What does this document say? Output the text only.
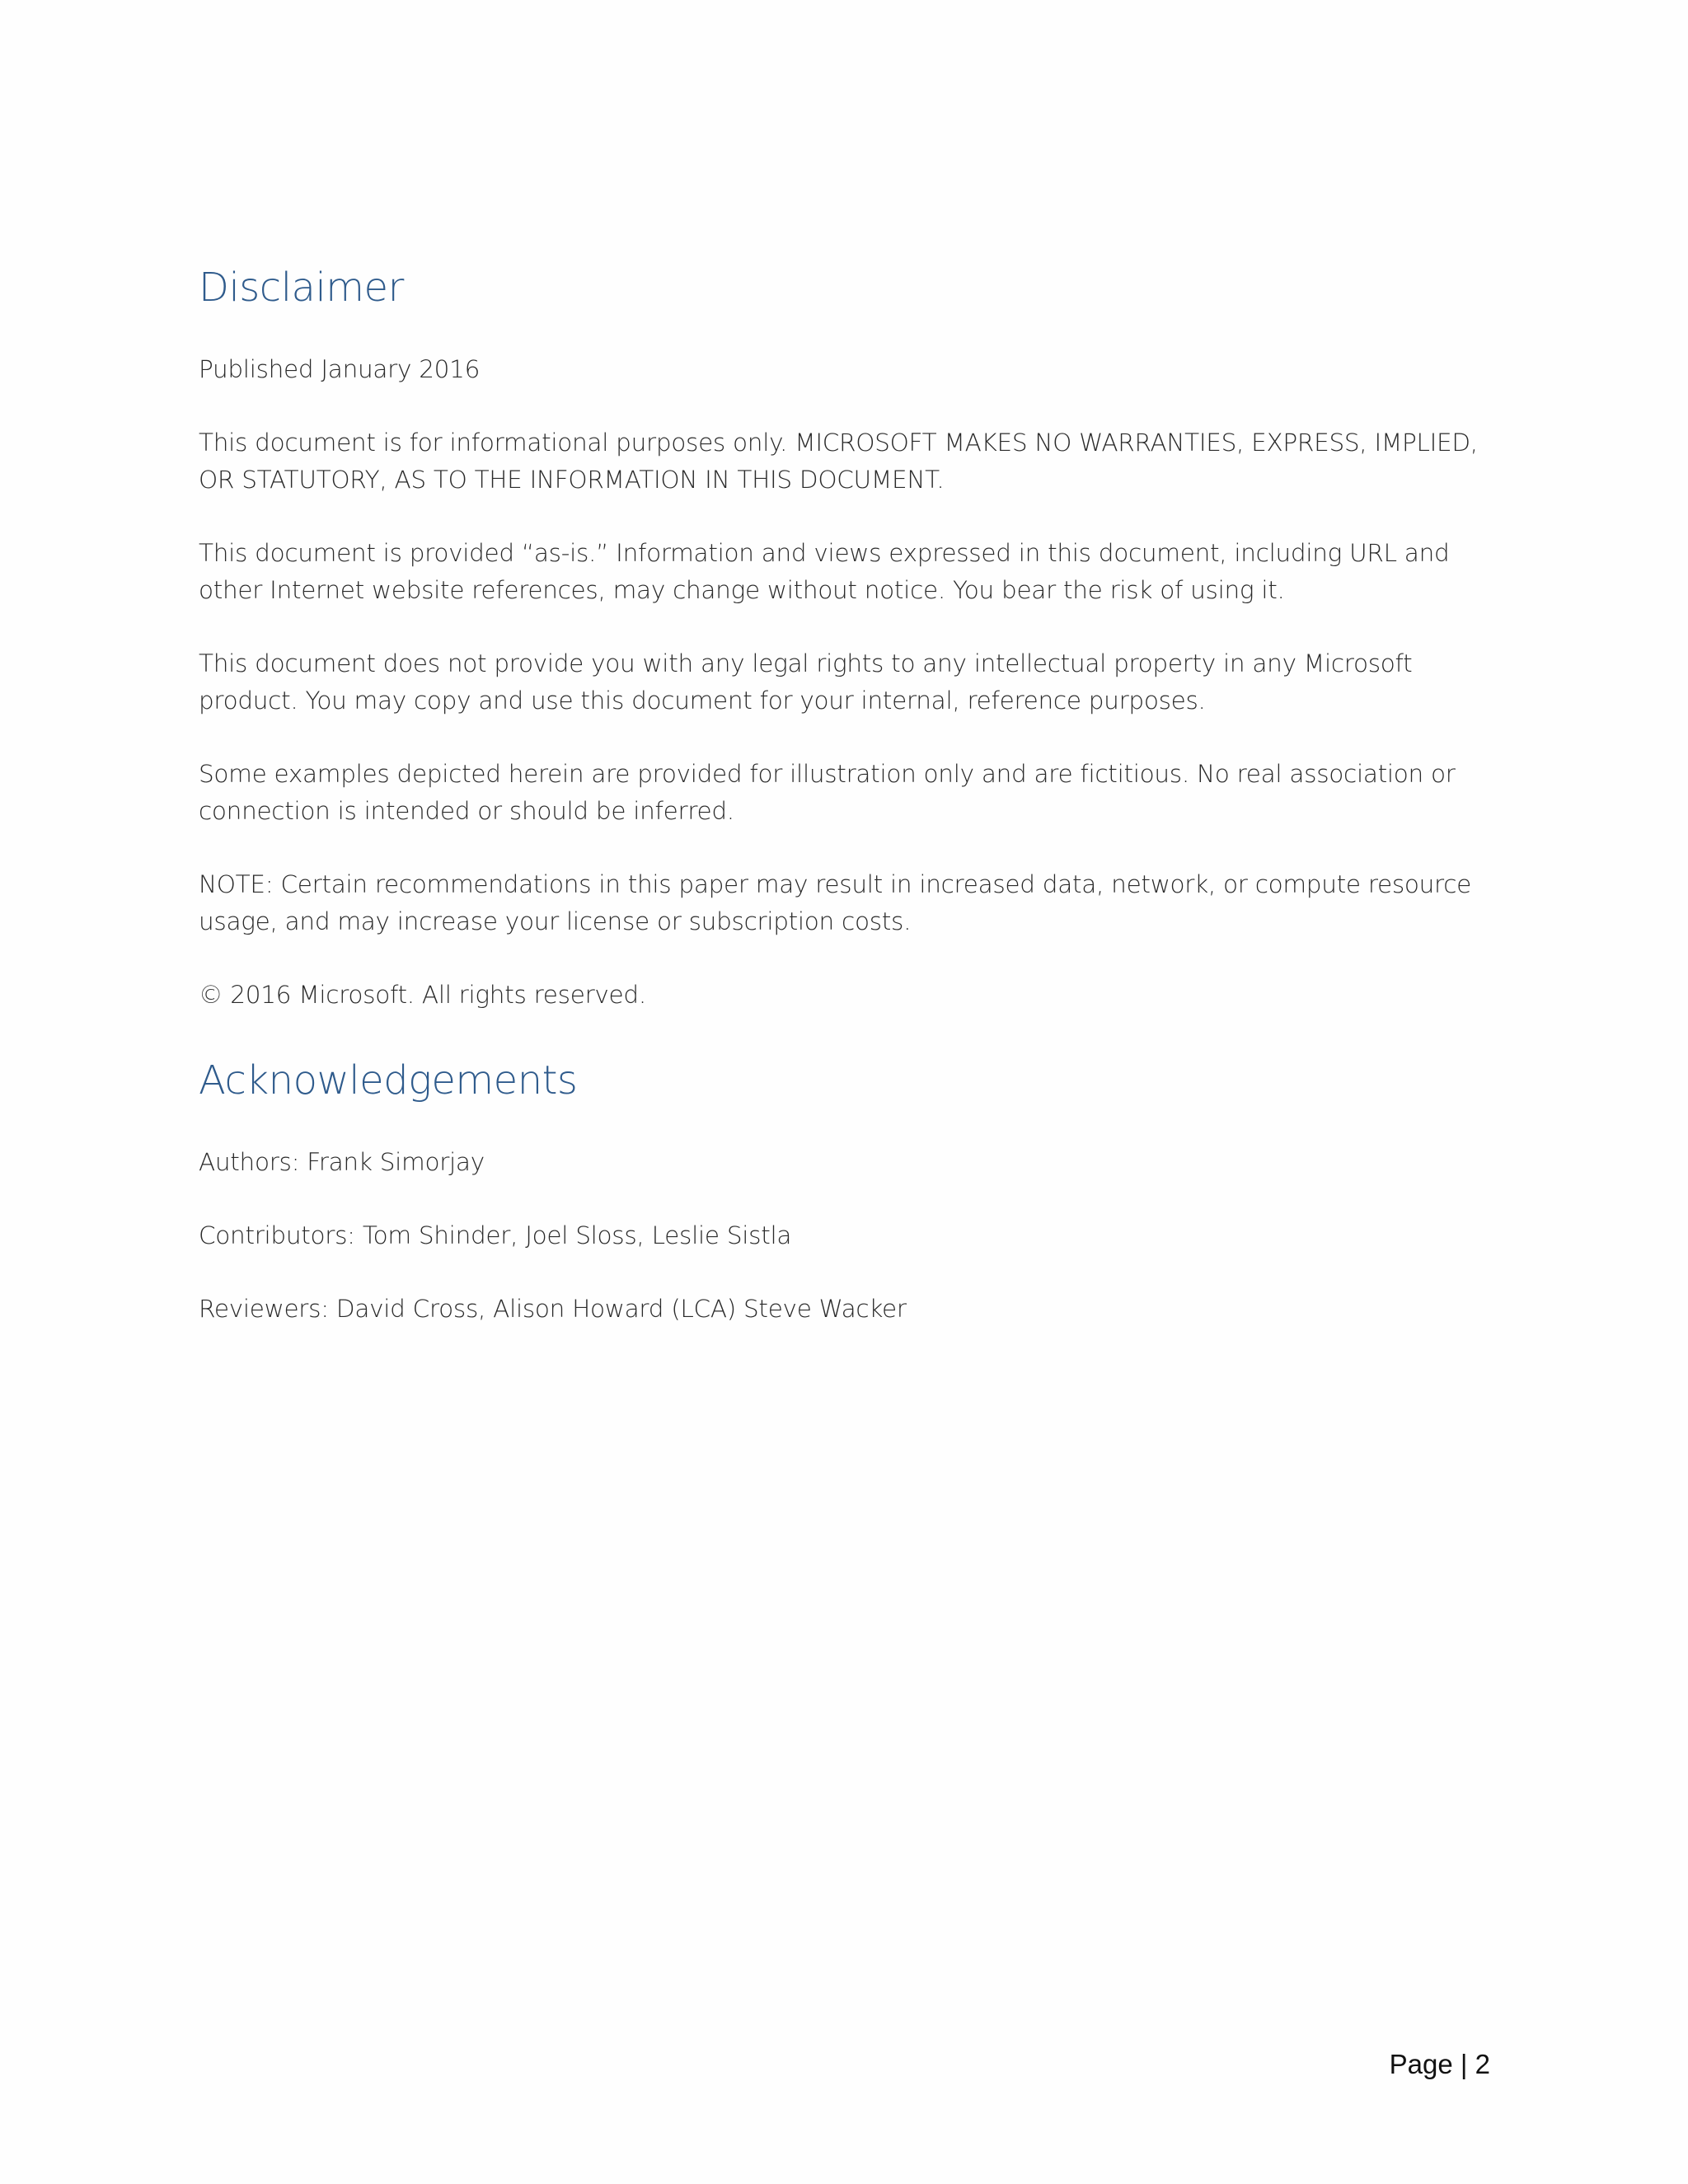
Disclaimer

Published January 2016

This document is for informational purposes only. MICROSOFT MAKES NO WARRANTIES, EXPRESS, IMPLIED, OR STATUTORY, AS TO THE INFORMATION IN THIS DOCUMENT.

This document is provided “as-is.” Information and views expressed in this document, including URL and other Internet website references, may change without notice. You bear the risk of using it.

This document does not provide you with any legal rights to any intellectual property in any Microsoft product. You may copy and use this document for your internal, reference purposes.

Some examples depicted herein are provided for illustration only and are fictitious. No real association or connection is intended or should be inferred.

NOTE: Certain recommendations in this paper may result in increased data, network, or compute resource usage, and may increase your license or subscription costs.

© 2016 Microsoft. All rights reserved.

Acknowledgements

Authors: Frank Simorjay

Contributors: Tom Shinder, Joel Sloss, Leslie Sistla

Reviewers: David Cross, Alison Howard (LCA) Steve Wacker

Page | 2
